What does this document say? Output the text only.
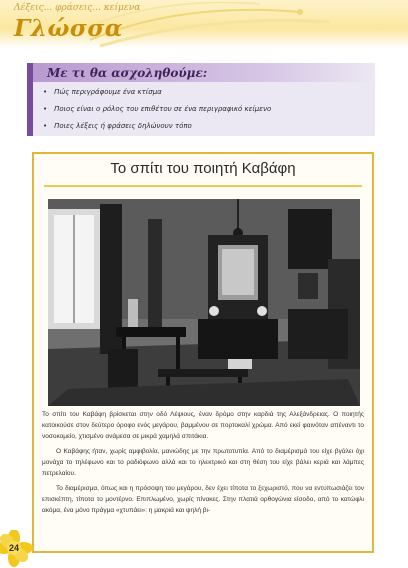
Λέξεις... φράσεις... κείμενα
Γλώσσα
Με τι θα ασχοληθούμε:
• Πώς περιγράφουμε ένα κτίσμα
• Ποιος είναι ο ρόλος του επιθέτου σε ένα περιγραφικό κείμενο
• Ποιες λέξεις ή φράσεις δηλώνουν τόπο
Το σπίτι του ποιητή Καβάφη

Το σπίτι του Καβάφη βρίσκεται στην οδό Λέψιους, έναν δρόμο στην καρδιά της Αλεξάνδρειας. Ο ποιητής κατοικούσε στον δεύτερο όροφο ενός μεγάρου, βαμμένου σε πορτοκαλί χρώμα. Από εκεί φαινόταν απέναντι το νοσοκομείο, χτισμένο ανάμεσα σε μικρά χαμηλά σπιτάκια.

Ο Καβάφης ήταν, χωρίς αμφιβολία, μανιώδης με την πρωτοτυπία. Από το διαμέρισμά του είχε βγάλει όχι μονάχα το τηλέφωνο και το ραδιόφωνο αλλά και το ηλεκτρικό και στη θέση του είχε βάλει κεριά και λάμπες πετρελαίου.

Το διαμέρισμα, όπως και η πρόσοψη του μεγάρου, δεν έχει τίποτα το ξεχωριστό, που να εντυπωσιάζει τον επισκέπτη, τίποτα το μοντέρνο. Επιπλωμένο, χωρίς πίνακες. Στην πλατιά ορθογώνια είσοδο, από το κατώφλι ακόμα, ένα μόνο πράγμα «χτυπάει»: η μακριά και ψηλή βι-

24
